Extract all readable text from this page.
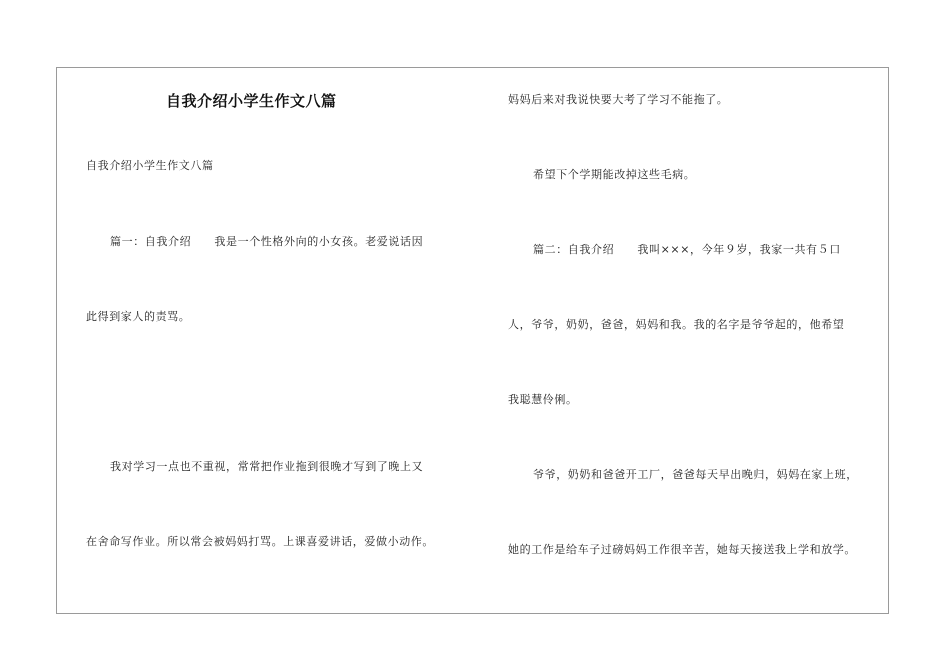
自我介绍小学生作文八篇
自我介绍小学生作文八篇
篇一：自我介绍　　我是一个性格外向的小女孩。老爱说话因
此得到家人的责骂。
我对学习一点也不重视，常常把作业拖到很晚才写到了晚上又
在舍命写作业。所以常会被妈妈打骂。上课喜爱讲话，爱做小动作。
妈妈后来对我说快要大考了学习不能拖了。
希望下个学期能改掉这些毛病。
篇二：自我介绍　　我叫×××，今年９岁，我家一共有５口
人，爷爷，奶奶，爸爸，妈妈和我。我的名字是爷爷起的，他希望
我聪慧伶俐。
爷爷，奶奶和爸爸开工厂，爸爸每天早出晚归，妈妈在家上班，
她的工作是给车子过磅妈妈工作很辛苦，她每天接送我上学和放学。
